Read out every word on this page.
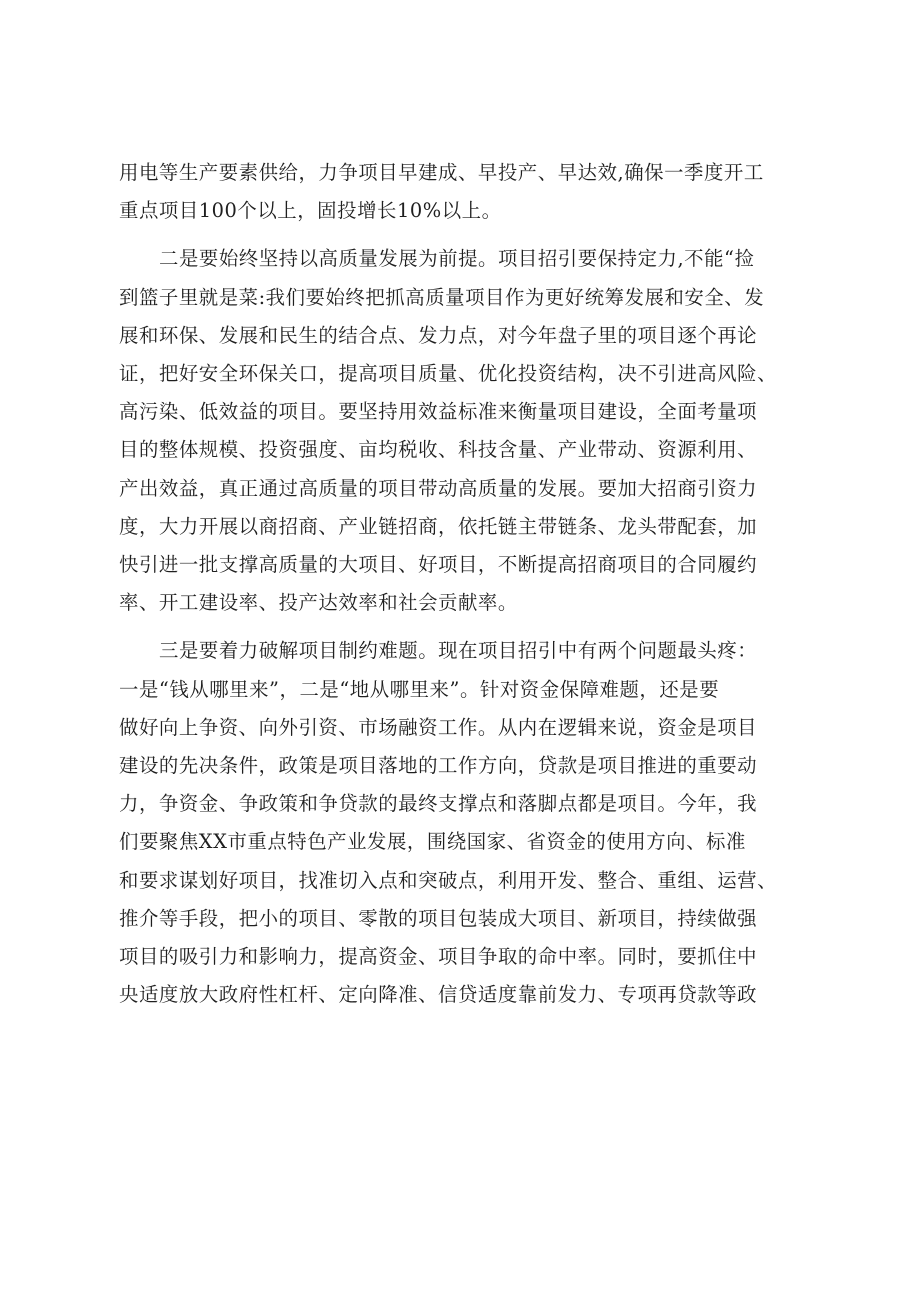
用电等生产要素供给，力争项目早建成、早投产、早达效,确保一季度开工
重点项目100个以上，固投增长10%以上。
二是要始终坚持以高质量发展为前提。项目招引要保持定力,不能“捡
到篮子里就是菜:我们要始终把抓高质量项目作为更好统筹发展和安全、发
展和环保、发展和民生的结合点、发力点，对今年盘子里的项目逐个再论
证，把好安全环保关口，提高项目质量、优化投资结构，决不引进高风险、
高污染、低效益的项目。要坚持用效益标准来衡量项目建设，全面考量项
目的整体规模、投资强度、亩均税收、科技含量、产业带动、资源利用、
产出效益，真正通过高质量的项目带动高质量的发展。要加大招商引资力
度，大力开展以商招商、产业链招商，依托链主带链条、龙头带配套，加
快引进一批支撑高质量的大项目、好项目，不断提高招商项目的合同履约
率、开工建设率、投产达效率和社会贡献率。
三是要着力破解项目制约难题。现在项目招引中有两个问题最头疼：
一是“钱从哪里来”，二是“地从哪里来”。针对资金保障难题，还是要
做好向上争资、向外引资、市场融资工作。从内在逻辑来说，资金是项目
建设的先决条件，政策是项目落地的工作方向，贷款是项目推进的重要动
力，争资金、争政策和争贷款的最终支撑点和落脚点都是项目。今年，我
们要聚焦XX市重点特色产业发展，围绕国家、省资金的使用方向、标准
和要求谋划好项目，找准切入点和突破点，利用开发、整合、重组、运营、
推介等手段，把小的项目、零散的项目包装成大项目、新项目，持续做强
项目的吸引力和影响力，提高资金、项目争取的命中率。同时，要抓住中
央适度放大政府性杠杆、定向降准、信贷适度靠前发力、专项再贷款等政
